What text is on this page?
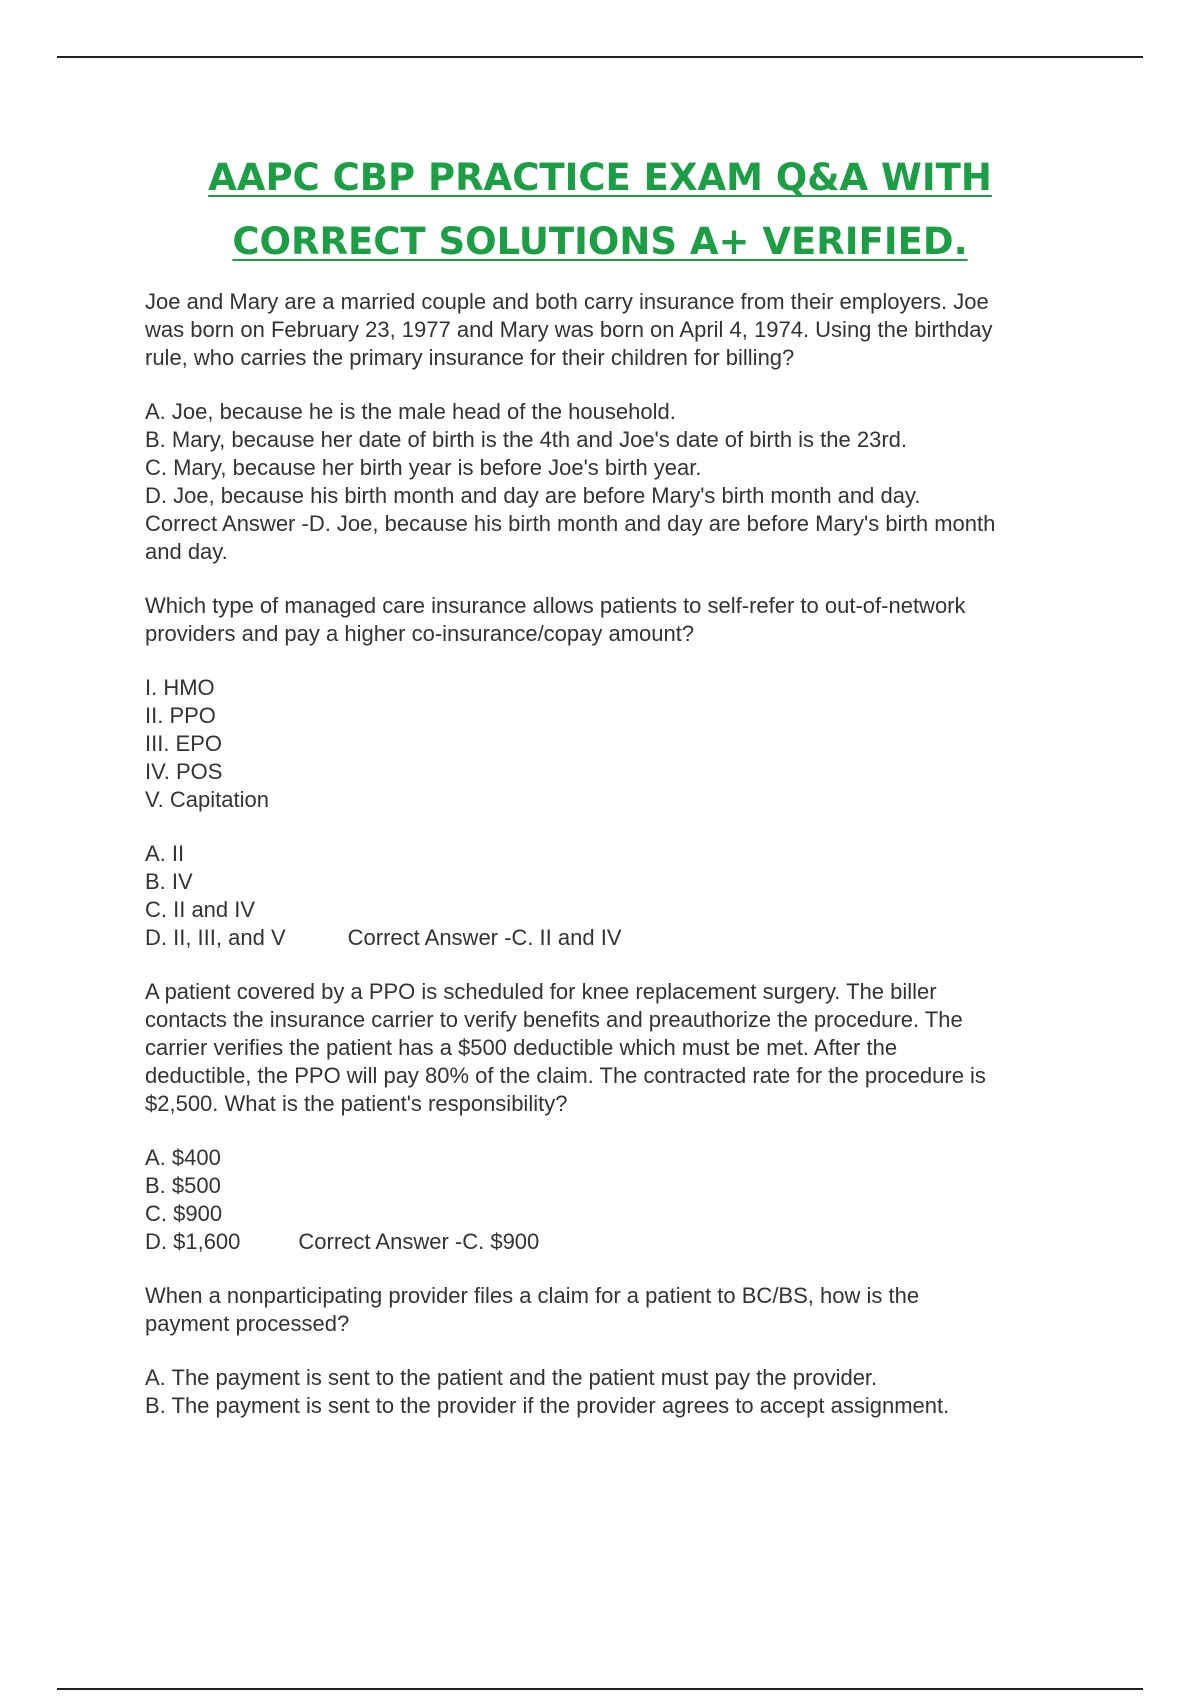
AAPC CBP PRACTICE EXAM Q&A WITH
CORRECT SOLUTIONS A+ VERIFIED.
Joe and Mary are a married couple and both carry insurance from their employers. Joe
was born on February 23, 1977 and Mary was born on April 4, 1974. Using the birthday
rule, who carries the primary insurance for their children for billing?
A. Joe, because he is the male head of the household.
B. Mary, because her date of birth is the 4th and Joe's date of birth is the 23rd.
C. Mary, because her birth year is before Joe's birth year.
D. Joe, because his birth month and day are before Mary's birth month and day.
Correct Answer -D. Joe, because his birth month and day are before Mary's birth month
and day.
Which type of managed care insurance allows patients to self-refer to out-of-network
providers and pay a higher co-insurance/copay amount?
I. HMO
II. PPO
III. EPO
IV. POS
V. Capitation
A. II
B. IV
C. II and IV
D. II, III, and V	Correct Answer -C. II and IV
A patient covered by a PPO is scheduled for knee replacement surgery. The biller
contacts the insurance carrier to verify benefits and preauthorize the procedure. The
carrier verifies the patient has a $500 deductible which must be met. After the
deductible, the PPO will pay 80% of the claim. The contracted rate for the procedure is
$2,500. What is the patient's responsibility?
A. $400
B. $500
C. $900
D. $1,600	Correct Answer -C. $900
When a nonparticipating provider files a claim for a patient to BC/BS, how is the
payment processed?
A. The payment is sent to the patient and the patient must pay the provider.
B. The payment is sent to the provider if the provider agrees to accept assignment.
